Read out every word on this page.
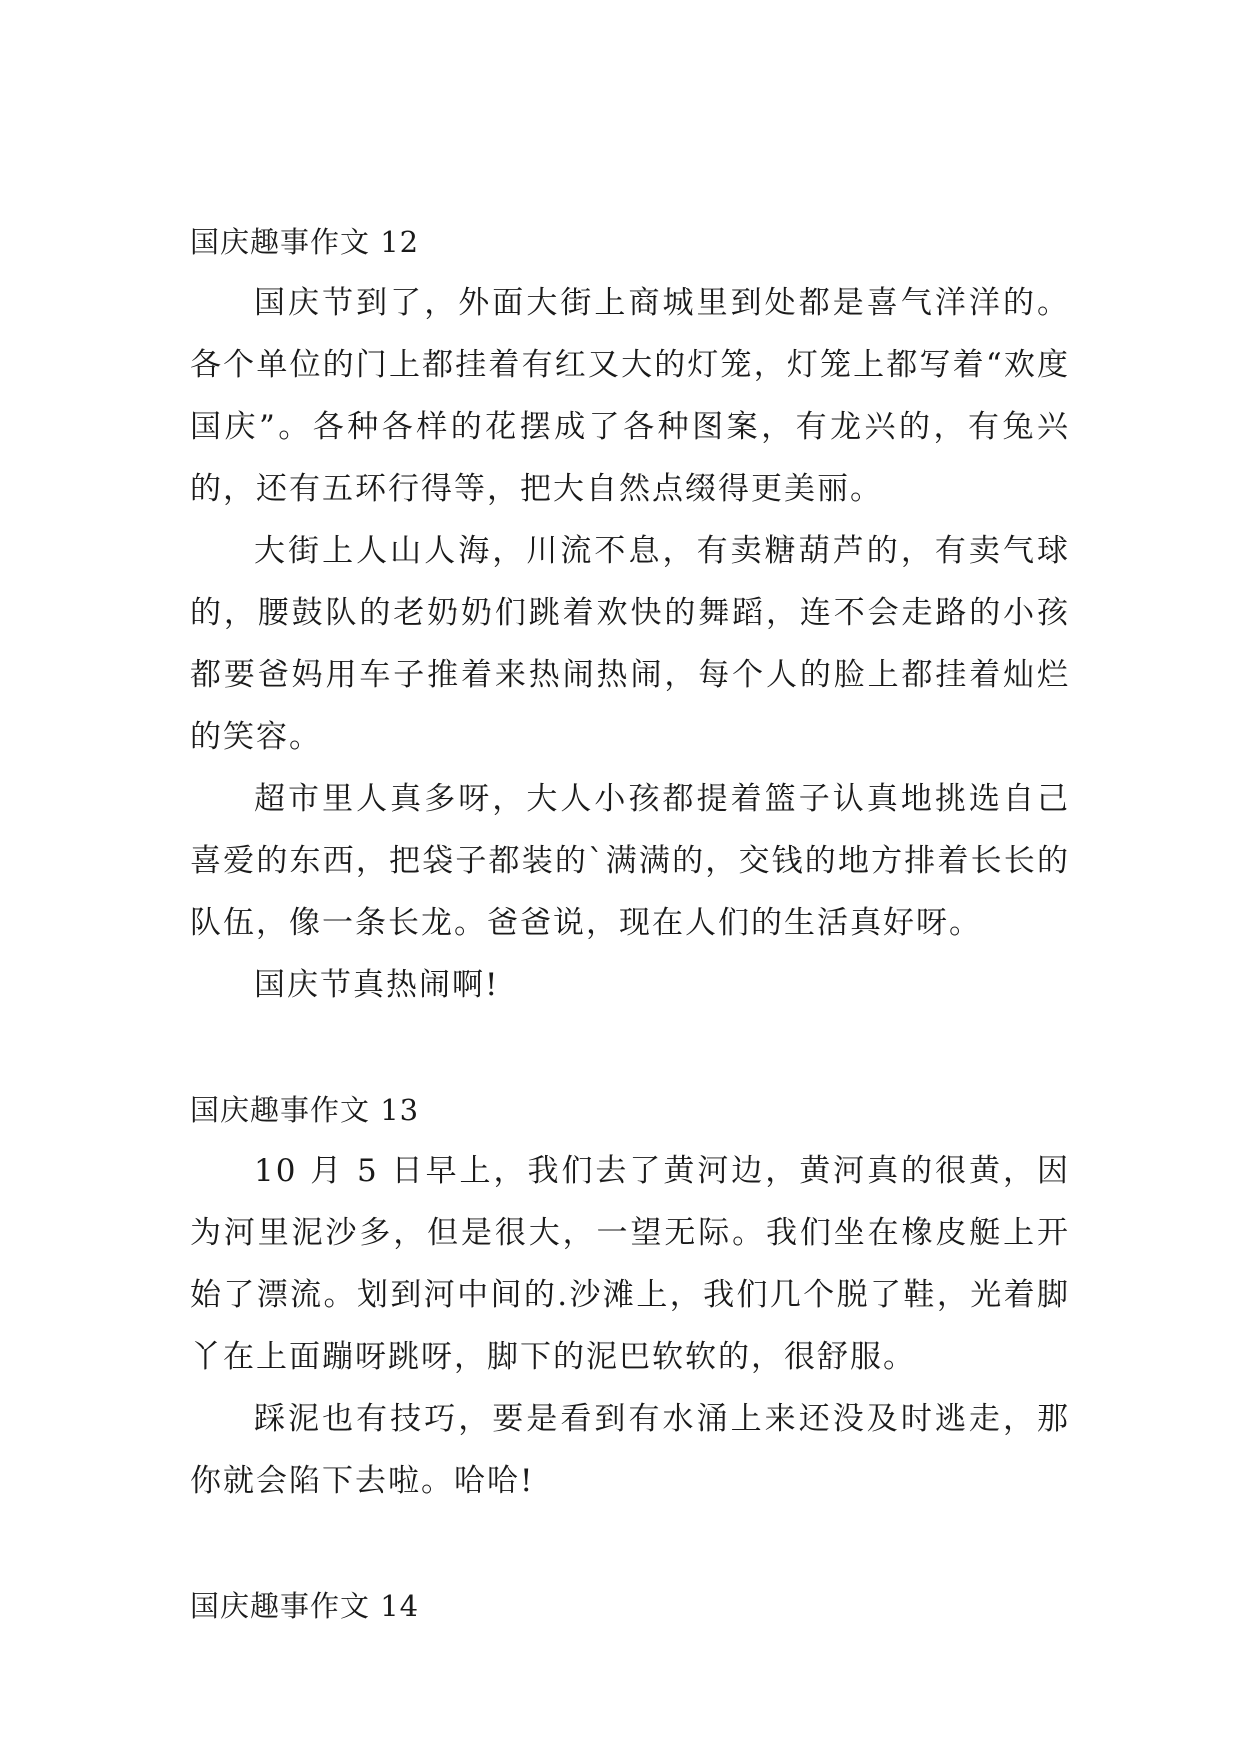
国庆趣事作文 12

国庆节到了，外面大街上商城里到处都是喜气洋洋的。各个单位的门上都挂着有红又大的灯笼，灯笼上都写着“欢度国庆”。各种各样的花摆成了各种图案，有龙兴的，有兔兴的，还有五环行得等，把大自然点缀得更美丽。

大街上人山人海，川流不息，有卖糖葫芦的，有卖气球的，腰鼓队的老奶奶们跳着欢快的舞蹈，连不会走路的小孩都要爸妈用车子推着来热闹热闹，每个人的脸上都挂着灿烂的笑容。

超市里人真多呀，大人小孩都提着篮子认真地挑选自己喜爱的东西，把袋子都装的`满满的，交钱的地方排着长长的队伍，像一条长龙。爸爸说，现在人们的生活真好呀。

国庆节真热闹啊!

国庆趣事作文 13

10 月 5 日早上，我们去了黄河边，黄河真的很黄，因为河里泥沙多，但是很大，一望无际。我们坐在橡皮艇上开始了漂流。划到河中间的.沙滩上，我们几个脱了鞋，光着脚丫在上面蹦呀跳呀，脚下的泥巴软软的，很舒服。

踩泥也有技巧，要是看到有水涌上来还没及时逃走，那你就会陷下去啦。哈哈!

国庆趣事作文 14
